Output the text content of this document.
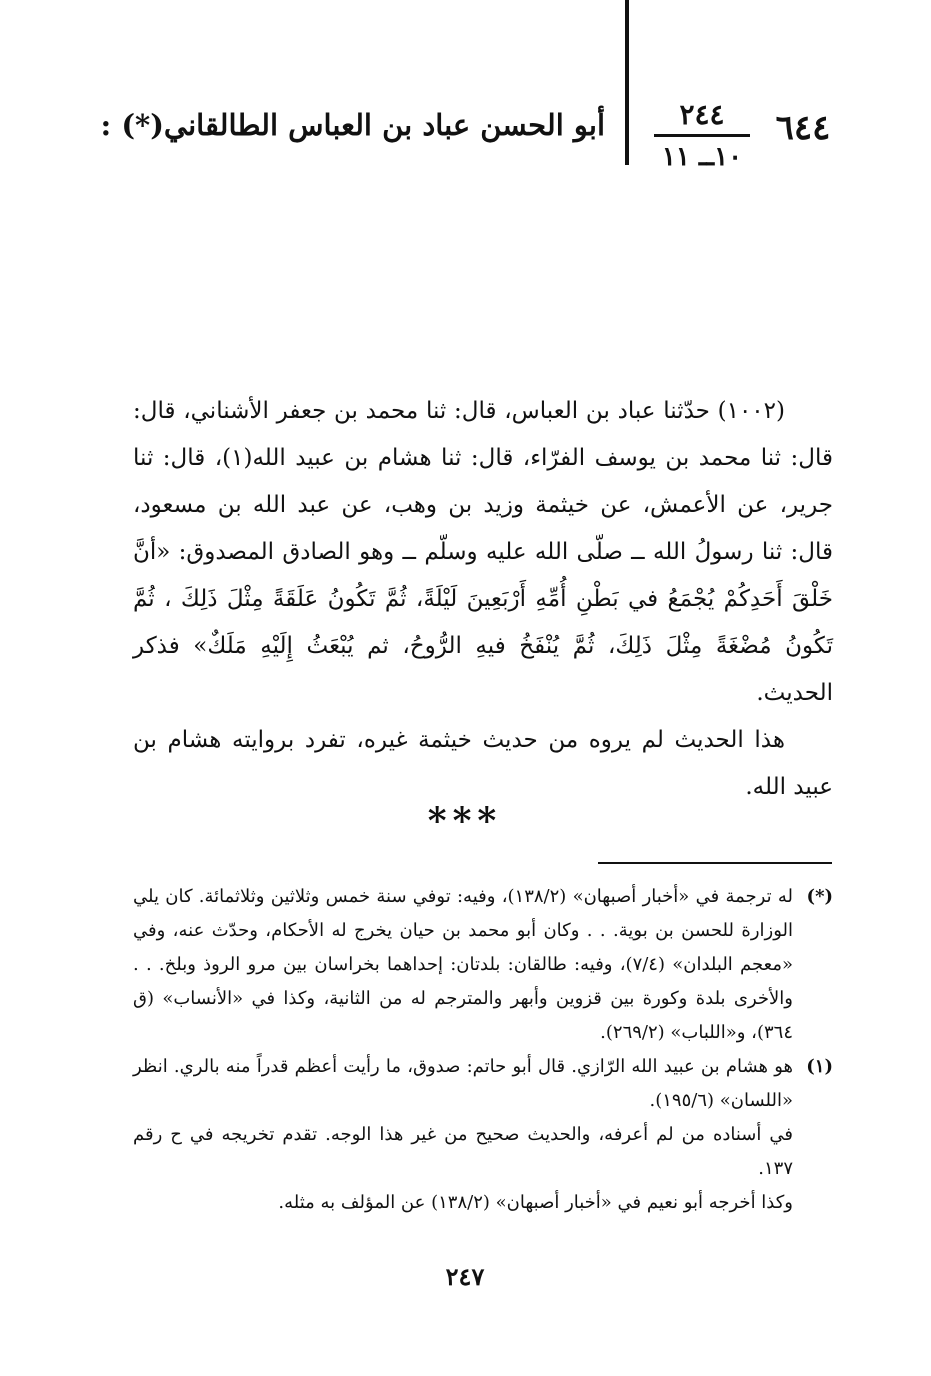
٦٤٤
٢٤٤
١٠ــ ١١
أبو الحسن عباد بن العباس الطالقاني(*) :

(١٠٠٢) حدّثنا عباد بن العباس، قال: ثنا محمد بن جعفر الأشناني، قال: قال: ثنا محمد بن يوسف الفرّاء، قال: ثنا هشام بن عبيد الله(١)، قال: ثنا جرير، عن الأعمش، عن خيثمة وزيد بن وهب، عن عبد الله بن مسعود، قال: ثنا رسولُ الله ــ صلّى الله عليه وسلّم ــ وهو الصادق المصدوق: «أنَّ خَلْقَ أَحَدِكُمْ يُجْمَعُ في بَطْنِ أُمِّهِ أَرْبَعِينَ لَيْلَةً، ثُمَّ تَكُونُ عَلَقَةً مِثْلَ ذَلِكَ ، ثُمَّ تَكُونُ مُضْغَةً مِثْلَ ذَلِكَ، ثُمَّ يُنْفَخُ فيهِ الرُّوحُ، ثم يُبْعَثُ إِلَيْهِ مَلَكٌ» فذكر الحديث.

هذا الحديث لم يروه من حديث خيثمة غيره، تفرد بروايته هشام بن عبيد الله.

***

(*)
له ترجمة في «أخبار أصبهان» (١٣٨/٢)، وفيه: توفي سنة خمس وثلاثين وثلاثمائة. كان يلي الوزارة للحسن بن بوية. . . وكان أبو محمد بن حيان يخرج له الأحكام، وحدّث عنه، وفي «معجم البلدان» (٧/٤)، وفيه: طالقان: بلدتان: إحداهما بخراسان بين مرو الروذ وبلخ. . . والأخرى بلدة وكورة بين قزوين وأبهر والمترجم له من الثانية، وكذا في «الأنساب» (ق ٣٦٤)، و«اللباب» (٢٦٩/٢).

(١)
هو هشام بن عبيد الله الرّازي. قال أبو حاتم: صدوق، ما رأيت أعظم قدراً منه بالري. انظر «اللسان» (١٩٥/٦).

في أسناده من لم أعرفه، والحديث صحيح من غير هذا الوجه. تقدم تخريجه في ح رقم ١٣٧.

وكذا أخرجه أبو نعيم في «أخبار أصبهان» (١٣٨/٢) عن المؤلف به مثله.

٢٤٧
